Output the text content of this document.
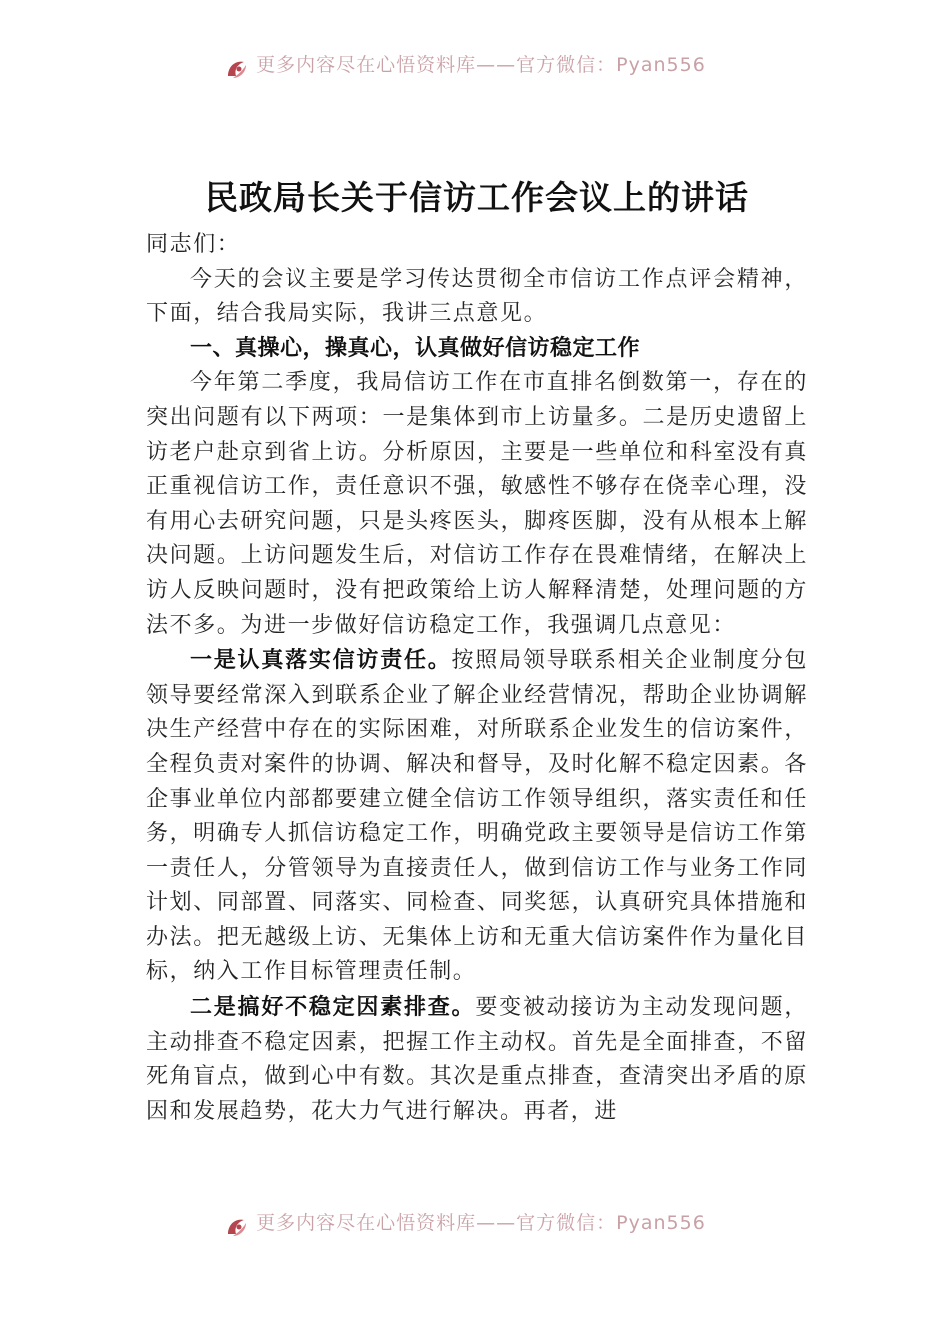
更多内容尽在心悟资料库——官方微信：Pyan556
民政局长关于信访工作会议上的讲话

同志们：

今天的会议主要是学习传达贯彻全市信访工作点评会精神，下面，结合我局实际，我讲三点意见。

一、真操心，操真心，认真做好信访稳定工作

今年第二季度，我局信访工作在市直排名倒数第一，存在的突出问题有以下两项：一是集体到市上访量多。二是历史遗留上访老户赴京到省上访。分析原因，主要是一些单位和科室没有真正重视信访工作，责任意识不强，敏感性不够存在侥幸心理，没有用心去研究问题，只是头疼医头，脚疼医脚，没有从根本上解决问题。上访问题发生后，对信访工作存在畏难情绪，在解决上访人反映问题时，没有把政策给上访人解释清楚，处理问题的方法不多。为进一步做好信访稳定工作，我强调几点意见：

一是认真落实信访责任。按照局领导联系相关企业制度分包领导要经常深入到联系企业了解企业经营情况，帮助企业协调解决生产经营中存在的实际困难，对所联系企业发生的信访案件，全程负责对案件的协调、解决和督导，及时化解不稳定因素。各企事业单位内部都要建立健全信访工作领导组织，落实责任和任务，明确专人抓信访稳定工作，明确党政主要领导是信访工作第一责任人，分管领导为直接责任人，做到信访工作与业务工作同计划、同部置、同落实、同检查、同奖惩，认真研究具体措施和办法。把无越级上访、无集体上访和无重大信访案件作为量化目标，纳入工作目标管理责任制。

二是搞好不稳定因素排查。要变被动接访为主动发现问题，主动排查不稳定因素，把握工作主动权。首先是全面排查，不留死角盲点，做到心中有数。其次是重点排查，查清突出矛盾的原因和发展趋势，花大力气进行解决。再者，进

更多内容尽在心悟资料库——官方微信：Pyan556
